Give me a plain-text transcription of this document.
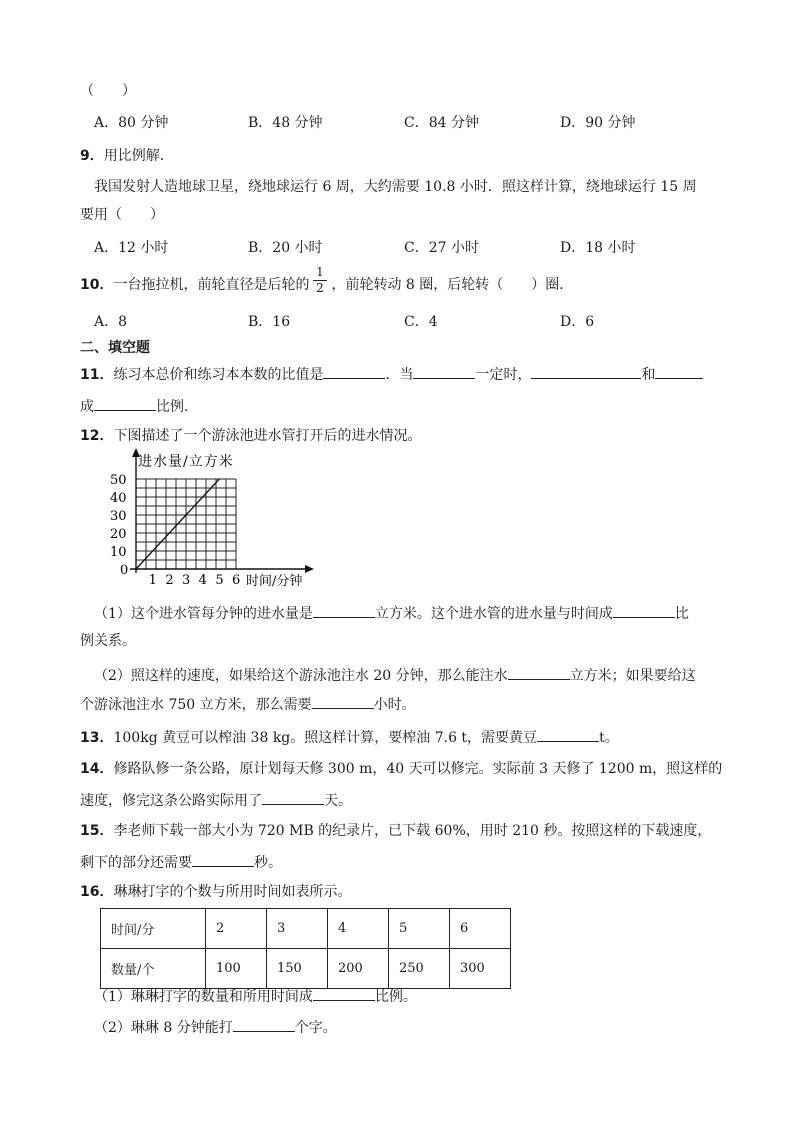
（　　）
A．80 分钟	B．48 分钟	C．84 分钟	D．90 分钟
9．用比例解．
我国发射人造地球卫星，绕地球运行 6 周，大约需要 10.8 小时．照这样计算，绕地球运行 15 周
要用（　　）
A．12 小时	B．20 小时	C．27 小时	D．18 小时
10．一台拖拉机，前轮直径是后轮的 ，前轮转动 8 圈，后轮转（　　）圈．
1
2
A．8	B．16	C．4	D．6
二、填空题
11．练习本总价和练习本本数的比值是	．当	一定时，	和
成	比例．
12．下图描述了一个游泳池进水管打开后的进水情况。
0
1 2 3 4 5 6
10
20
30
40
50
进水量/立方米
时间/分钟
（1）这个进水管每分钟的进水量是	立方米。这个进水管的进水量与时间成	比
例关系。
（2）照这样的速度，如果给这个游泳池注水 20 分钟，那么能注水	立方米；如果要给这
个游泳池注水 750 立方米，那么需要	小时。
13．100kg 黄豆可以榨油 38 kg。照这样计算，要榨油 7.6 t，需要黄豆	t。
14．修路队修一条公路，原计划每天修 300 m，40 天可以修完。实际前 3 天修了 1200 m，照这样的
速度，修完这条公路实际用了	天。
15．李老师下载一部大小为 720 MB 的纪录片，已下载 60%，用时 210 秒。按照这样的下载速度，
剩下的部分还需要	秒。
16．琳琳打字的个数与所用时间如表所示。
时间/分	2	3	4	5	6
数量/个	100	150	200	250	300
（1）琳琳打字的数量和所用时间成	比例。
（2）琳琳 8 分钟能打	个字。
